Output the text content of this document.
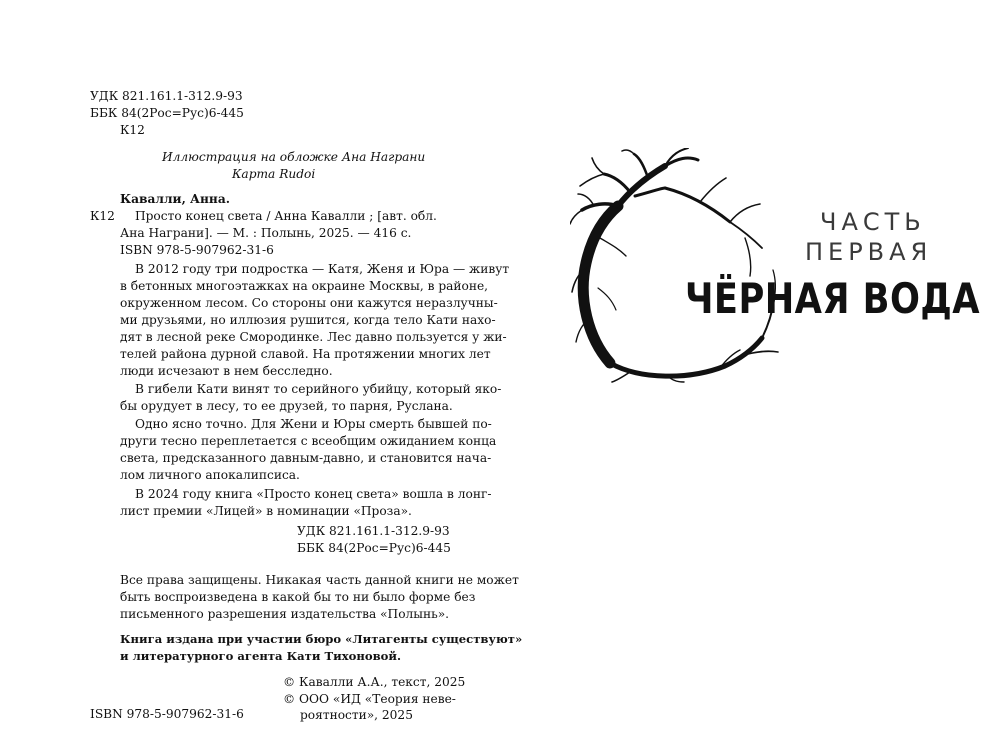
УДК 821.161.1-312.9-93

ББК 84(2Рос=Рус)6-445

К12

Иллюстрация на обложке Ана Награни

Карта Rudoi

Кавалли, Анна.

К12 Просто конец света / Анна Кавалли ; [авт. обл.

Ана Награни]. — М. : Полынь, 2025. — 416 с.

ISBN 978-5-907962-31-6

В 2012 году три подростка — Катя, Женя и Юра — живут

в бетонных многоэтажках на окраине Москвы, в районе,

окруженном лесом. Со стороны они кажутся неразлучны-

ми друзьями, но иллюзия рушится, когда тело Кати нахо-

дят в лесной реке Смородинке. Лес давно пользуется у жи-

телей района дурной славой. На протяжении многих лет

люди исчезают в нем бесследно.

В гибели Кати винят то серийного убийцу, который яко-

бы орудует в лесу, то ее друзей, то парня, Руслана.

Одно ясно точно. Для Жени и Юры смерть бывшей по-

други тесно переплетается с всеобщим ожиданием конца

света, предсказанного давным-давно, и становится нача-

лом личного апокалипсиса.

В 2024 году книга «Просто конец света» вошла в лонг-

лист премии «Лицей» в номинации «Проза».

УДК 821.161.1-312.9-93

ББК 84(2Рос=Рус)6-445

Все права защищены. Никакая часть данной книги не может

быть воспроизведена в какой бы то ни было форме без

письменного разрешения издательства «Полынь».

Книга издана при участии бюро «Литагенты существуют»

и литературного агента Кати Тихоновой.

© Кавалли А.А., текст, 2025

© ООО «ИД «Теория неве-

ISBN 978-5-907962-31-6	роятности», 2025

ЧАСТЬ
ПЕРВАЯ
ЧЁРНАЯ ВОДА
